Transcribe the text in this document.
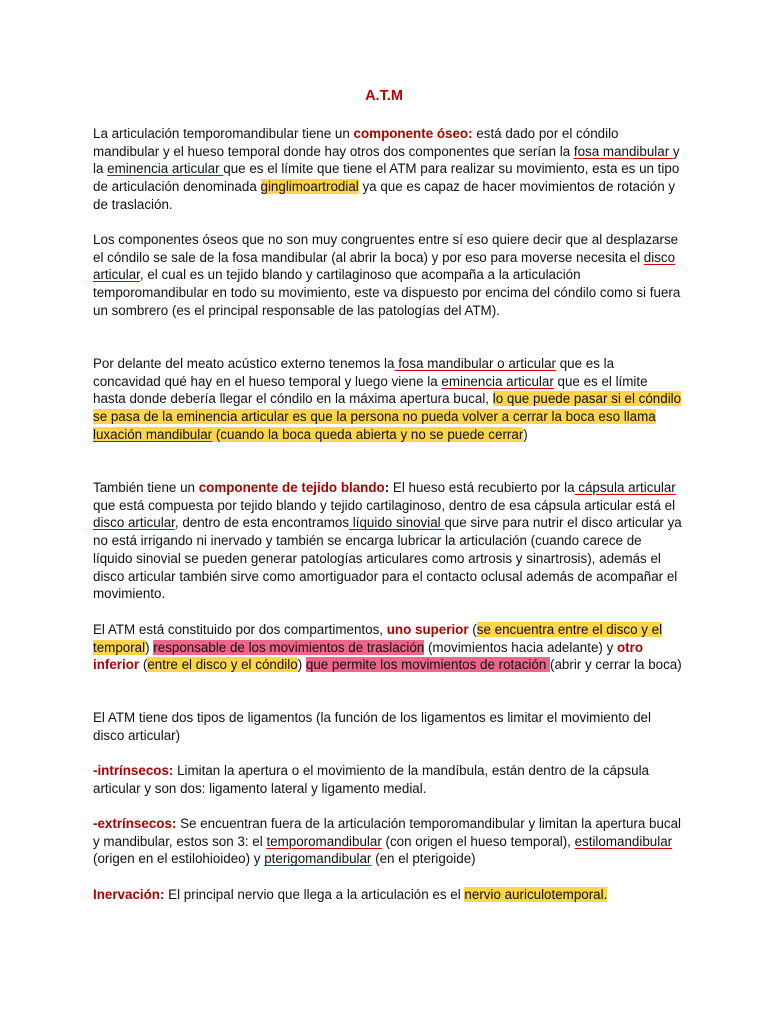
A.T.M

La articulación temporomandibular tiene un componente óseo: está dado por el cóndilo mandibular y el hueso temporal donde hay otros dos componentes que serían la fosa mandibular y la eminencia articular que es el límite que tiene el ATM para realizar su movimiento, esta es un tipo de articulación denominada ginglimoartrodial ya que es capaz de hacer movimientos de rotación y de traslación.

Los componentes óseos que no son muy congruentes entre sí eso quiere decir que al desplazarse el cóndilo se sale de la fosa mandibular (al abrir la boca) y por eso para moverse necesita el disco articular, el cual es un tejido blando y cartilaginoso que acompaña a la articulación temporomandibular en todo su movimiento, este va dispuesto por encima del cóndilo como si fuera un sombrero (es el principal responsable de las patologías del ATM).

Por delante del meato acústico externo tenemos la fosa mandibular o articular que es la concavidad qué hay en el hueso temporal y luego viene la eminencia articular que es el límite hasta donde debería llegar el cóndilo en la máxima apertura bucal, lo que puede pasar si el cóndilo se pasa de la eminencia articular es que la persona no pueda volver a cerrar la boca eso llama luxación mandibular (cuando la boca queda abierta y no se puede cerrar)

También tiene un componente de tejido blando: El hueso está recubierto por la cápsula articular que está compuesta por tejido blando y tejido cartilaginoso, dentro de esa cápsula articular está el disco articular, dentro de esta encontramos líquido sinovial que sirve para nutrir el disco articular ya no está irrigando ni inervado y también se encarga lubricar la articulación (cuando carece de líquido sinovial se pueden generar patologías articulares como artrosis y sinartrosis), además el disco articular también sirve como amortiguador para el contacto oclusal además de acompañar el movimiento.

El ATM está constituido por dos compartimentos, uno superior (se encuentra entre el disco y el temporal) responsable de los movimientos de traslación (movimientos hacia adelante) y otro inferior (entre el disco y el cóndilo) que permite los movimientos de rotación (abrir y cerrar la boca)

El ATM tiene dos tipos de ligamentos (la función de los ligamentos es limitar el movimiento del disco articular)

-intrínsecos: Limitan la apertura o el movimiento de la mandíbula, están dentro de la cápsula articular y son dos: ligamento lateral y ligamento medial.

-extrínsecos: Se encuentran fuera de la articulación temporomandibular y limitan la apertura bucal y mandibular, estos son 3: el temporomandibular (con origen el hueso temporal), estilomandibular (origen en el estilohioideo) y pterigomandibular (en el pterigoide)

Inervación: El principal nervio que llega a la articulación es el nervio auriculotemporal.
